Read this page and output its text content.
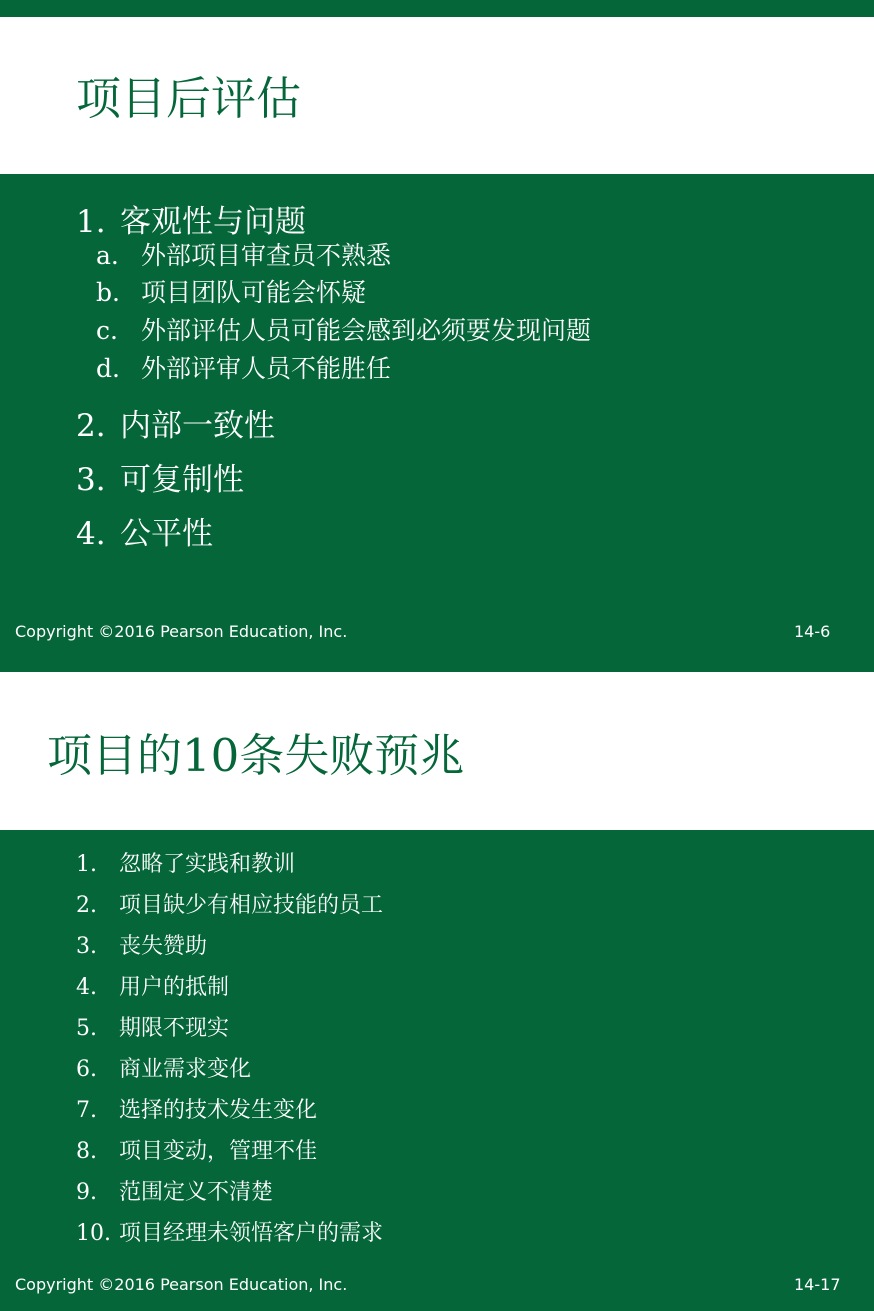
项目后评估
1. 客观性与问题
a. 外部项目审查员不熟悉
b. 项目团队可能会怀疑
c. 外部评估人员可能会感到必须要发现问题
d. 外部评审人员不能胜任
2. 内部一致性
3. 可复制性
4. 公平性
Copyright ©2016 Pearson Education, Inc.	14-6
项目的10条失败预兆
1. 忽略了实践和教训
2. 项目缺少有相应技能的员工
3. 丧失赞助
4. 用户的抵制
5. 期限不现实
6. 商业需求变化
7. 选择的技术发生变化
8. 项目变动，管理不佳
9. 范围定义不清楚
10. 项目经理未领悟客户的需求
Copyright ©2016 Pearson Education, Inc.	14-17
